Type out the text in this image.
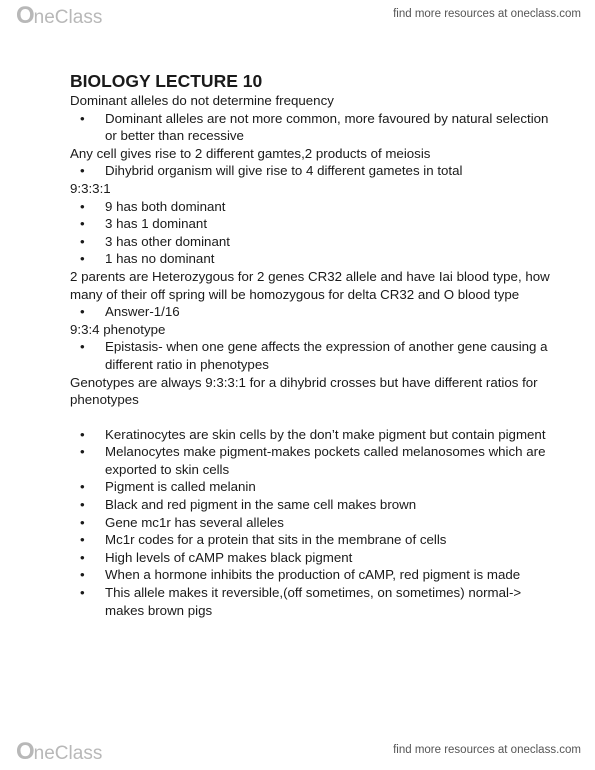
O neClass	find more resources at oneclass.com
BIOLOGY LECTURE 10

Dominant alleles do not determine frequency

• Dominant alleles are not more common, more favoured by natural selection or better than recessive

Any cell gives rise to 2 different gamtes,2 products of meiosis

• Dihybrid organism will give rise to 4 different gametes in total

9:3:3:1

• 9 has both dominant
• 3 has 1 dominant
• 3 has other dominant
• 1 has no dominant

2 parents are Heterozygous for 2 genes CR32 allele and have Iai blood type, how many of their off spring will be homozygous for delta CR32 and O blood type

• Answer-1/16

9:3:4 phenotype

• Epistasis- when one gene affects the expression of another gene causing a different ratio in phenotypes

Genotypes are always 9:3:3:1 for a dihybrid crosses but have different ratios for phenotypes

• Keratinocytes are skin cells by the don’t make pigment but contain pigment
• Melanocytes make pigment-makes pockets called melanosomes which are exported to skin cells
• Pigment is called melanin
• Black and red pigment in the same cell makes brown
• Gene mc1r has several alleles
• Mc1r codes for a protein that sits in the membrane of cells
• High levels of cAMP makes black pigment
• When a hormone inhibits the production of cAMP, red pigment is made
• This allele makes it reversible,(off sometimes, on sometimes) normal-> makes brown pigs
O neClass	find more resources at oneclass.com
